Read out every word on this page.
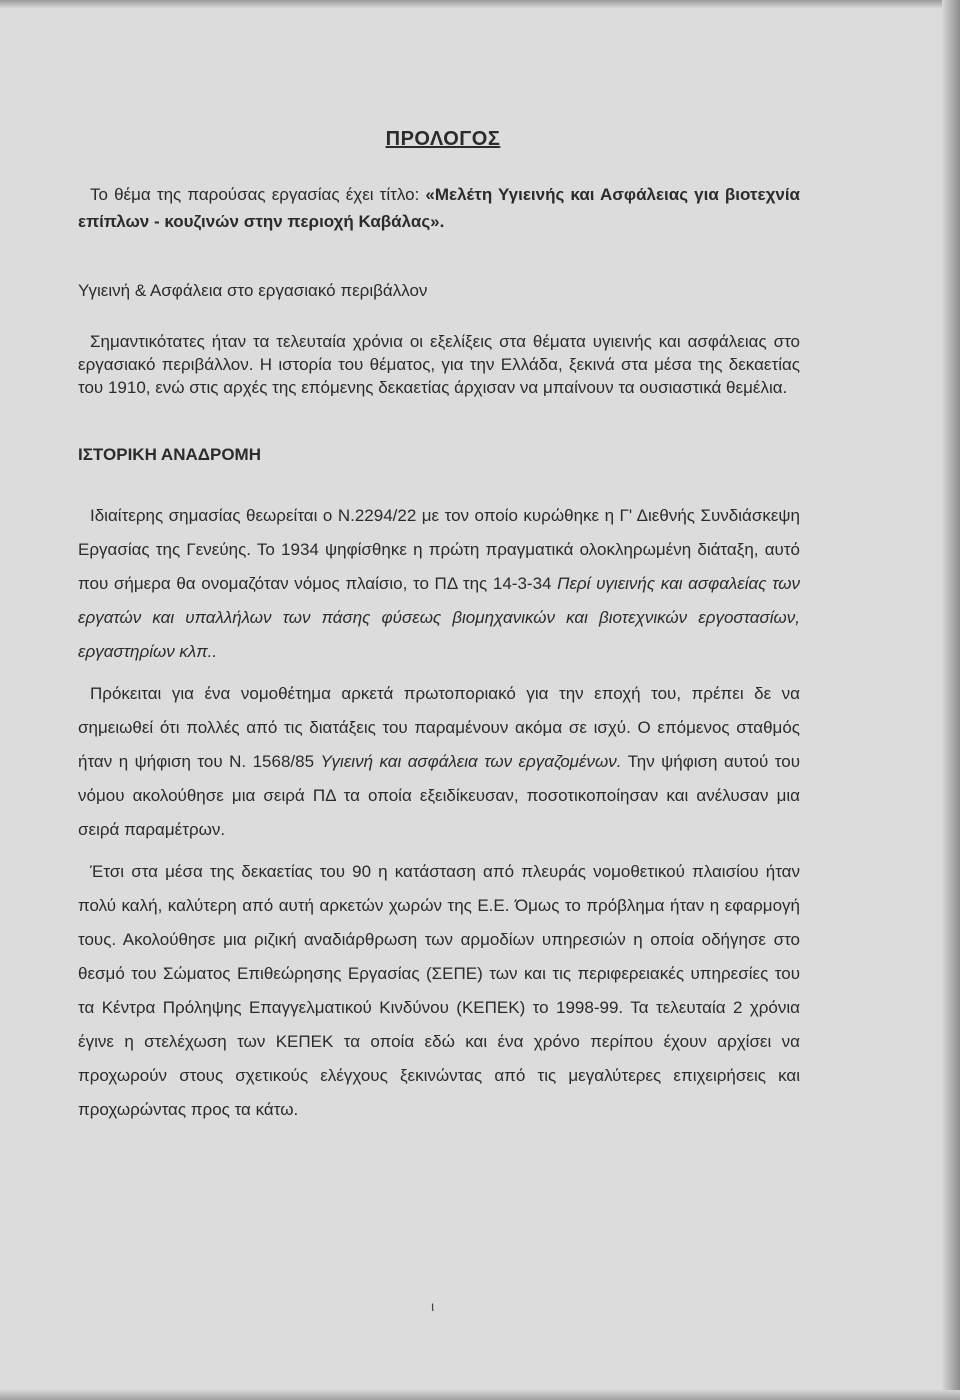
ΠΡΟΛΟΓΟΣ

Το θέμα της παρούσας εργασίας έχει τίτλο: «Μελέτη Υγιεινής και Ασφάλειας για βιοτεχνία επίπλων - κουζινών στην περιοχή Καβάλας».

Υγιεινή & Ασφάλεια στο εργασιακό περιβάλλον

Σημαντικότατες ήταν τα τελευταία χρόνια οι εξελίξεις στα θέματα υγιεινής και ασφάλειας στο εργασιακό περιβάλλον. Η ιστορία του θέματος, για την Ελλάδα, ξεκινά στα μέσα της δεκαετίας του 1910, ενώ στις αρχές της επόμενης δεκαετίας άρχισαν να μπαίνουν τα ουσιαστικά θεμέλια.

ΙΣΤΟΡΙΚΗ ΑΝΑΔΡΟΜΗ

Ιδιαίτερης σημασίας θεωρείται ο Ν.2294/22 με τον οποίο κυρώθηκε η Γ' Διεθνής Συνδιάσκεψη Εργασίας της Γενεύης. Το 1934 ψηφίσθηκε η πρώτη πραγματικά ολοκληρωμένη διάταξη, αυτό που σήμερα θα ονομαζόταν νόμος πλαίσιο, το ΠΔ της 14-3-34 Περί υγιεινής και ασφαλείας των εργατών και υπαλλήλων των πάσης φύσεως βιομηχανικών και βιοτεχνικών εργοστασίων, εργαστηρίων κλπ..

Πρόκειται για ένα νομοθέτημα αρκετά πρωτοποριακό για την εποχή του, πρέπει δε να σημειωθεί ότι πολλές από τις διατάξεις του παραμένουν ακόμα σε ισχύ. Ο επόμενος σταθμός ήταν η ψήφιση του Ν. 1568/85 Υγιεινή και ασφάλεια των εργαζομένων. Την ψήφιση αυτού του νόμου ακολούθησε μια σειρά ΠΔ τα οποία εξειδίκευσαν, ποσοτικοποίησαν και ανέλυσαν μια σειρά παραμέτρων.

Έτσι στα μέσα της δεκαετίας του 90 η κατάσταση από πλευράς νομοθετικού πλαισίου ήταν πολύ καλή, καλύτερη από αυτή αρκετών χωρών της Ε.Ε. Όμως το πρόβλημα ήταν η εφαρμογή τους. Ακολούθησε μια ριζική αναδιάρθρωση των αρμοδίων υπηρεσιών η οποία οδήγησε στο θεσμό του Σώματος Επιθεώρησης Εργασίας (ΣΕΠΕ) των και τις περιφερειακές υπηρεσίες του τα Κέντρα Πρόληψης Επαγγελματικού Κινδύνου (ΚΕΠΕΚ) το 1998-99. Τα τελευταία 2 χρόνια έγινε η στελέχωση των ΚΕΠΕΚ τα οποία εδώ και ένα χρόνο περίπου έχουν αρχίσει να προχωρούν στους σχετικούς ελέγχους ξεκινώντας από τις μεγαλύτερες επιχειρήσεις και προχωρώντας προς τα κάτω.

ι
